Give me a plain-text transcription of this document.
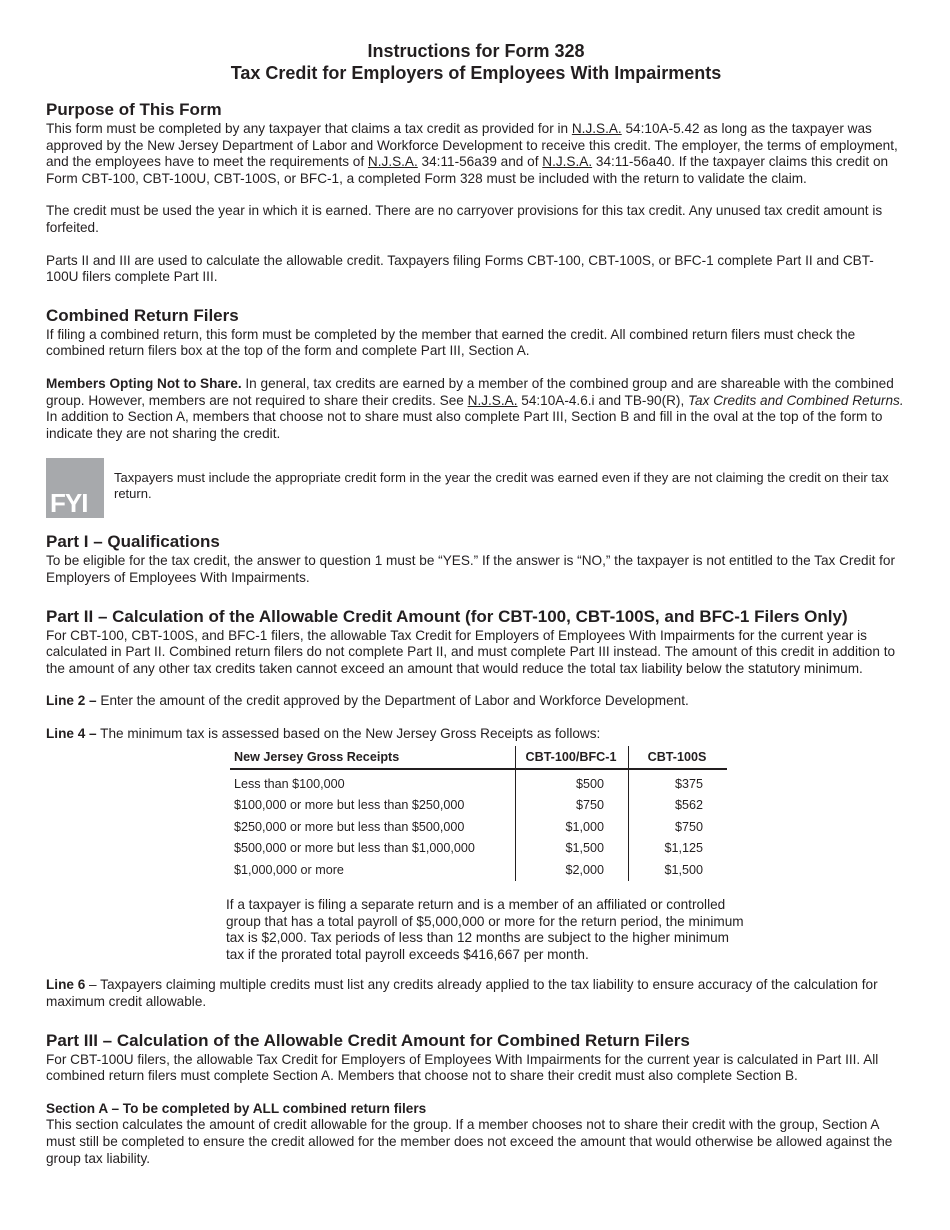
Instructions for Form 328
Tax Credit for Employers of Employees With Impairments
Purpose of This Form

This form must be completed by any taxpayer that claims a tax credit as provided for in N.J.S.A. 54:10A-5.42 as long as the taxpayer was approved by the New Jersey Department of Labor and Workforce Development to receive this credit. The employer, the terms of employment, and the employees have to meet the requirements of N.J.S.A. 34:11-56a39 and of N.J.S.A. 34:11-56a40. If the taxpayer claims this credit on Form CBT-100, CBT-100U, CBT-100S, or BFC-1, a completed Form 328 must be included with the return to validate the claim.

The credit must be used the year in which it is earned. There are no carryover provisions for this tax credit. Any unused tax credit amount is forfeited.

Parts II and III are used to calculate the allowable credit. Taxpayers filing Forms CBT-100, CBT-100S, or BFC-1 complete Part II and CBT-100U filers complete Part III.

Combined Return Filers

If filing a combined return, this form must be completed by the member that earned the credit. All combined return filers must check the combined return filers box at the top of the form and complete Part III, Section A.

Members Opting Not to Share. In general, tax credits are earned by a member of the combined group and are shareable with the combined group. However, members are not required to share their credits. See N.J.S.A. 54:10A-4.6.i and TB-90(R), Tax Credits and Combined Returns. In addition to Section A, members that choose not to share must also complete Part III, Section B and fill in the oval at the top of the form to indicate they are not sharing the credit.

FYI
Taxpayers must include the appropriate credit form in the year the credit was earned even if they are not claiming the credit on their tax return.
Part I – Qualifications

To be eligible for the tax credit, the answer to question 1 must be “YES.” If the answer is “NO,” the taxpayer is not entitled to the Tax Credit for Employers of Employees With Impairments.

Part II – Calculation of the Allowable Credit Amount (for CBT-100, CBT-100S, and BFC-1 Filers Only)

For CBT-100, CBT-100S, and BFC-1 filers, the allowable Tax Credit for Employers of Employees With Impairments for the current year is calculated in Part II. Combined return filers do not complete Part II, and must complete Part III instead. The amount of this credit in addition to the amount of any other tax credits taken cannot exceed an amount that would reduce the total tax liability below the statutory minimum.

Line 2 – Enter the amount of the credit approved by the Department of Labor and Workforce Development.

Line 4 – The minimum tax is assessed based on the New Jersey Gross Receipts as follows:

New Jersey Gross Receipts	CBT-100/BFC-1	CBT-100S
Less than $100,000	$500	$375
$100,000 or more but less than $250,000	$750	$562
$250,000 or more but less than $500,000	$1,000	$750
$500,000 or more but less than $1,000,000	$1,500	$1,125
$1,000,000 or more	$2,000	$1,500

If a taxpayer is filing a separate return and is a member of an affiliated or controlled group that has a total payroll of $5,000,000 or more for the return period, the minimum tax is $2,000. Tax periods of less than 12 months are subject to the higher minimum tax if the prorated total payroll exceeds $416,667 per month.

Line 6 – Taxpayers claiming multiple credits must list any credits already applied to the tax liability to ensure accuracy of the calculation for maximum credit allowable.

Part III – Calculation of the Allowable Credit Amount for Combined Return Filers

For CBT-100U filers, the allowable Tax Credit for Employers of Employees With Impairments for the current year is calculated in Part III. All combined return filers must complete Section A. Members that choose not to share their credit must also complete Section B.

Section A – To be completed by ALL combined return filers

This section calculates the amount of credit allowable for the group. If a member chooses not to share their credit with the group, Section A must still be completed to ensure the credit allowed for the member does not exceed the amount that would otherwise be allowed against the group tax liability.
